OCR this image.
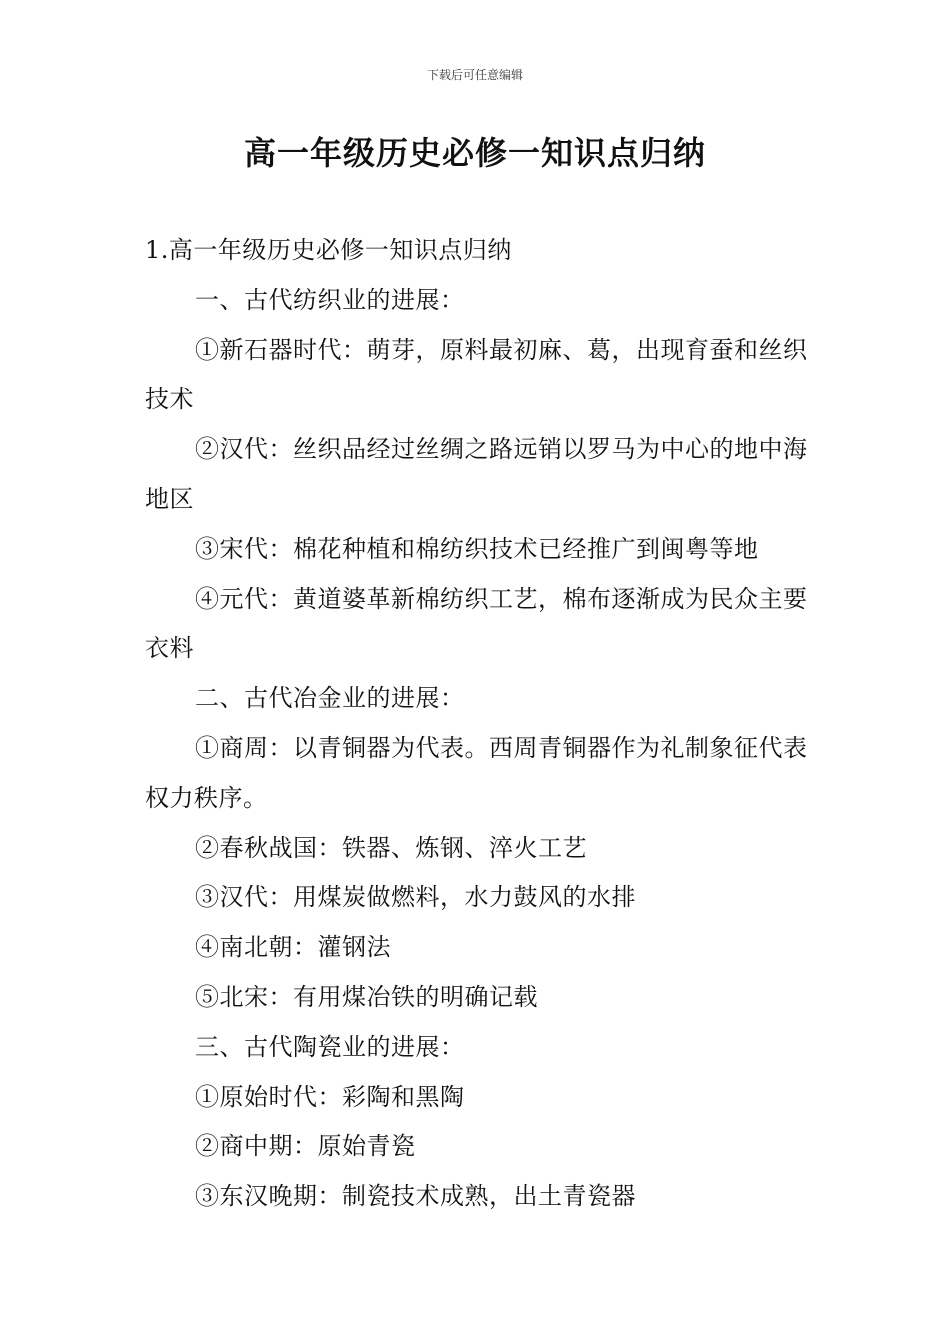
下载后可任意编辑
高一年级历史必修一知识点归纳

1.高一年级历史必修一知识点归纳

一、古代纺织业的进展：

①新石器时代：萌芽，原料最初麻、葛，出现育蚕和丝织技术

②汉代：丝织品经过丝绸之路远销以罗马为中心的地中海地区

③宋代：棉花种植和棉纺织技术已经推广到闽粤等地

④元代：黄道婆革新棉纺织工艺，棉布逐渐成为民众主要衣料

二、古代冶金业的进展：

①商周：以青铜器为代表。西周青铜器作为礼制象征代表权力秩序。

②春秋战国：铁器、炼钢、淬火工艺

③汉代：用煤炭做燃料，水力鼓风的水排

④南北朝：灌钢法

⑤北宋：有用煤冶铁的明确记载

三、古代陶瓷业的进展：

①原始时代：彩陶和黑陶

②商中期：原始青瓷

③东汉晚期：制瓷技术成熟，出土青瓷器
